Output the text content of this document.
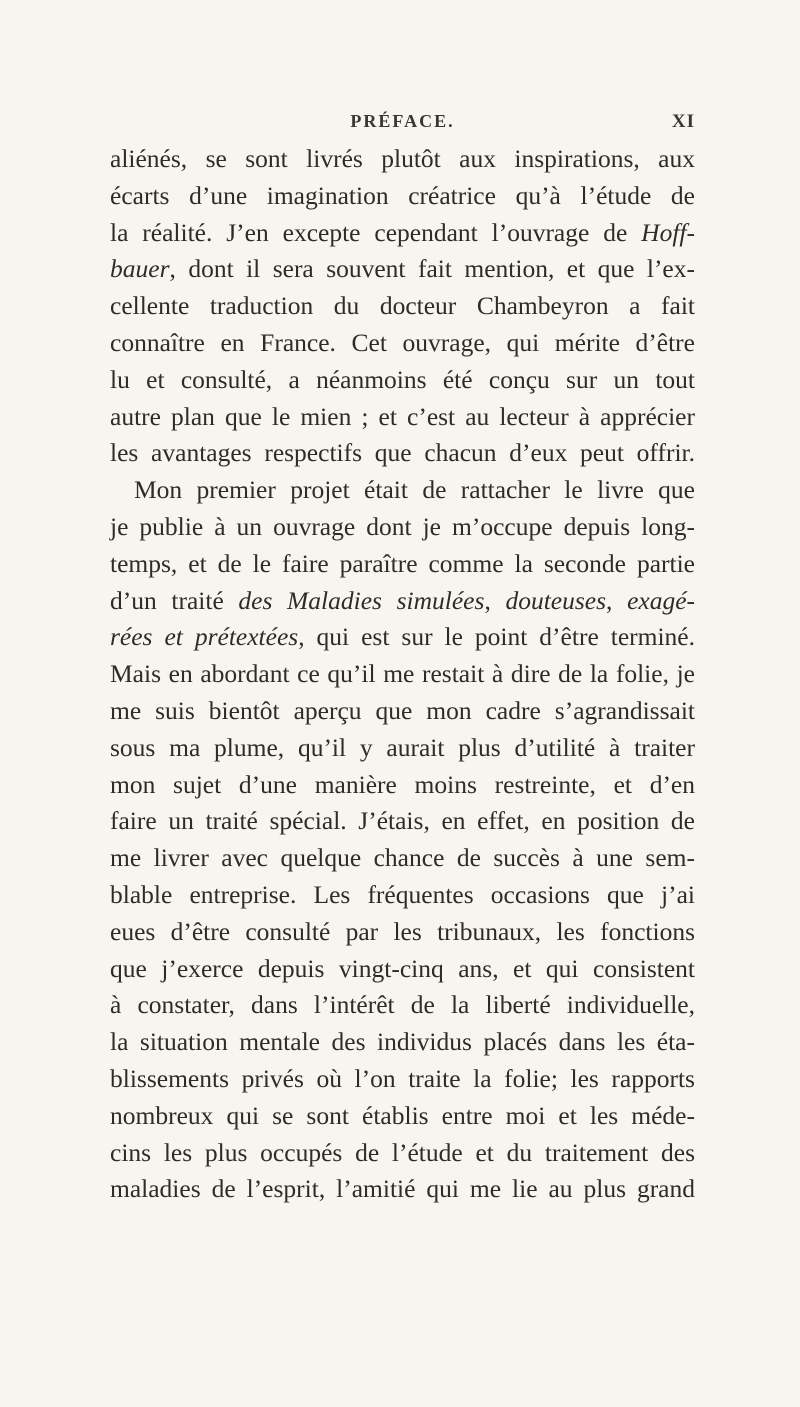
PRÉFACE.	XI
aliénés, se sont livrés plutôt aux inspirations, aux
écarts d’une imagination créatrice qu’à l’étude de
la réalité. J’en excepte cependant l’ouvrage de Hoff-
bauer, dont il sera souvent fait mention, et que l’ex-
cellente traduction du docteur Chambeyron a fait
connaître en France. Cet ouvrage, qui mérite d’être
lu et consulté, a néanmoins été conçu sur un tout
autre plan que le mien ; et c’est au lecteur à apprécier
les avantages respectifs que chacun d’eux peut offrir.
Mon premier projet était de rattacher le livre que
je publie à un ouvrage dont je m’occupe depuis long-
temps, et de le faire paraître comme la seconde partie
d’un traité des Maladies simulées, douteuses, exagé-
rées et prétextées, qui est sur le point d’être terminé.
Mais en abordant ce qu’il me restait à dire de la folie, je
me suis bientôt aperçu que mon cadre s’agrandissait
sous ma plume, qu’il y aurait plus d’utilité à traiter
mon sujet d’une manière moins restreinte, et d’en
faire un traité spécial. J’étais, en effet, en position de
me livrer avec quelque chance de succès à une sem-
blable entreprise. Les fréquentes occasions que j’ai
eues d’être consulté par les tribunaux, les fonctions
que j’exerce depuis vingt-cinq ans, et qui consistent
à constater, dans l’intérêt de la liberté individuelle,
la situation mentale des individus placés dans les éta-
blissements privés où l’on traite la folie; les rapports
nombreux qui se sont établis entre moi et les méde-
cins les plus occupés de l’étude et du traitement des
maladies de l’esprit, l’amitié qui me lie au plus grand
